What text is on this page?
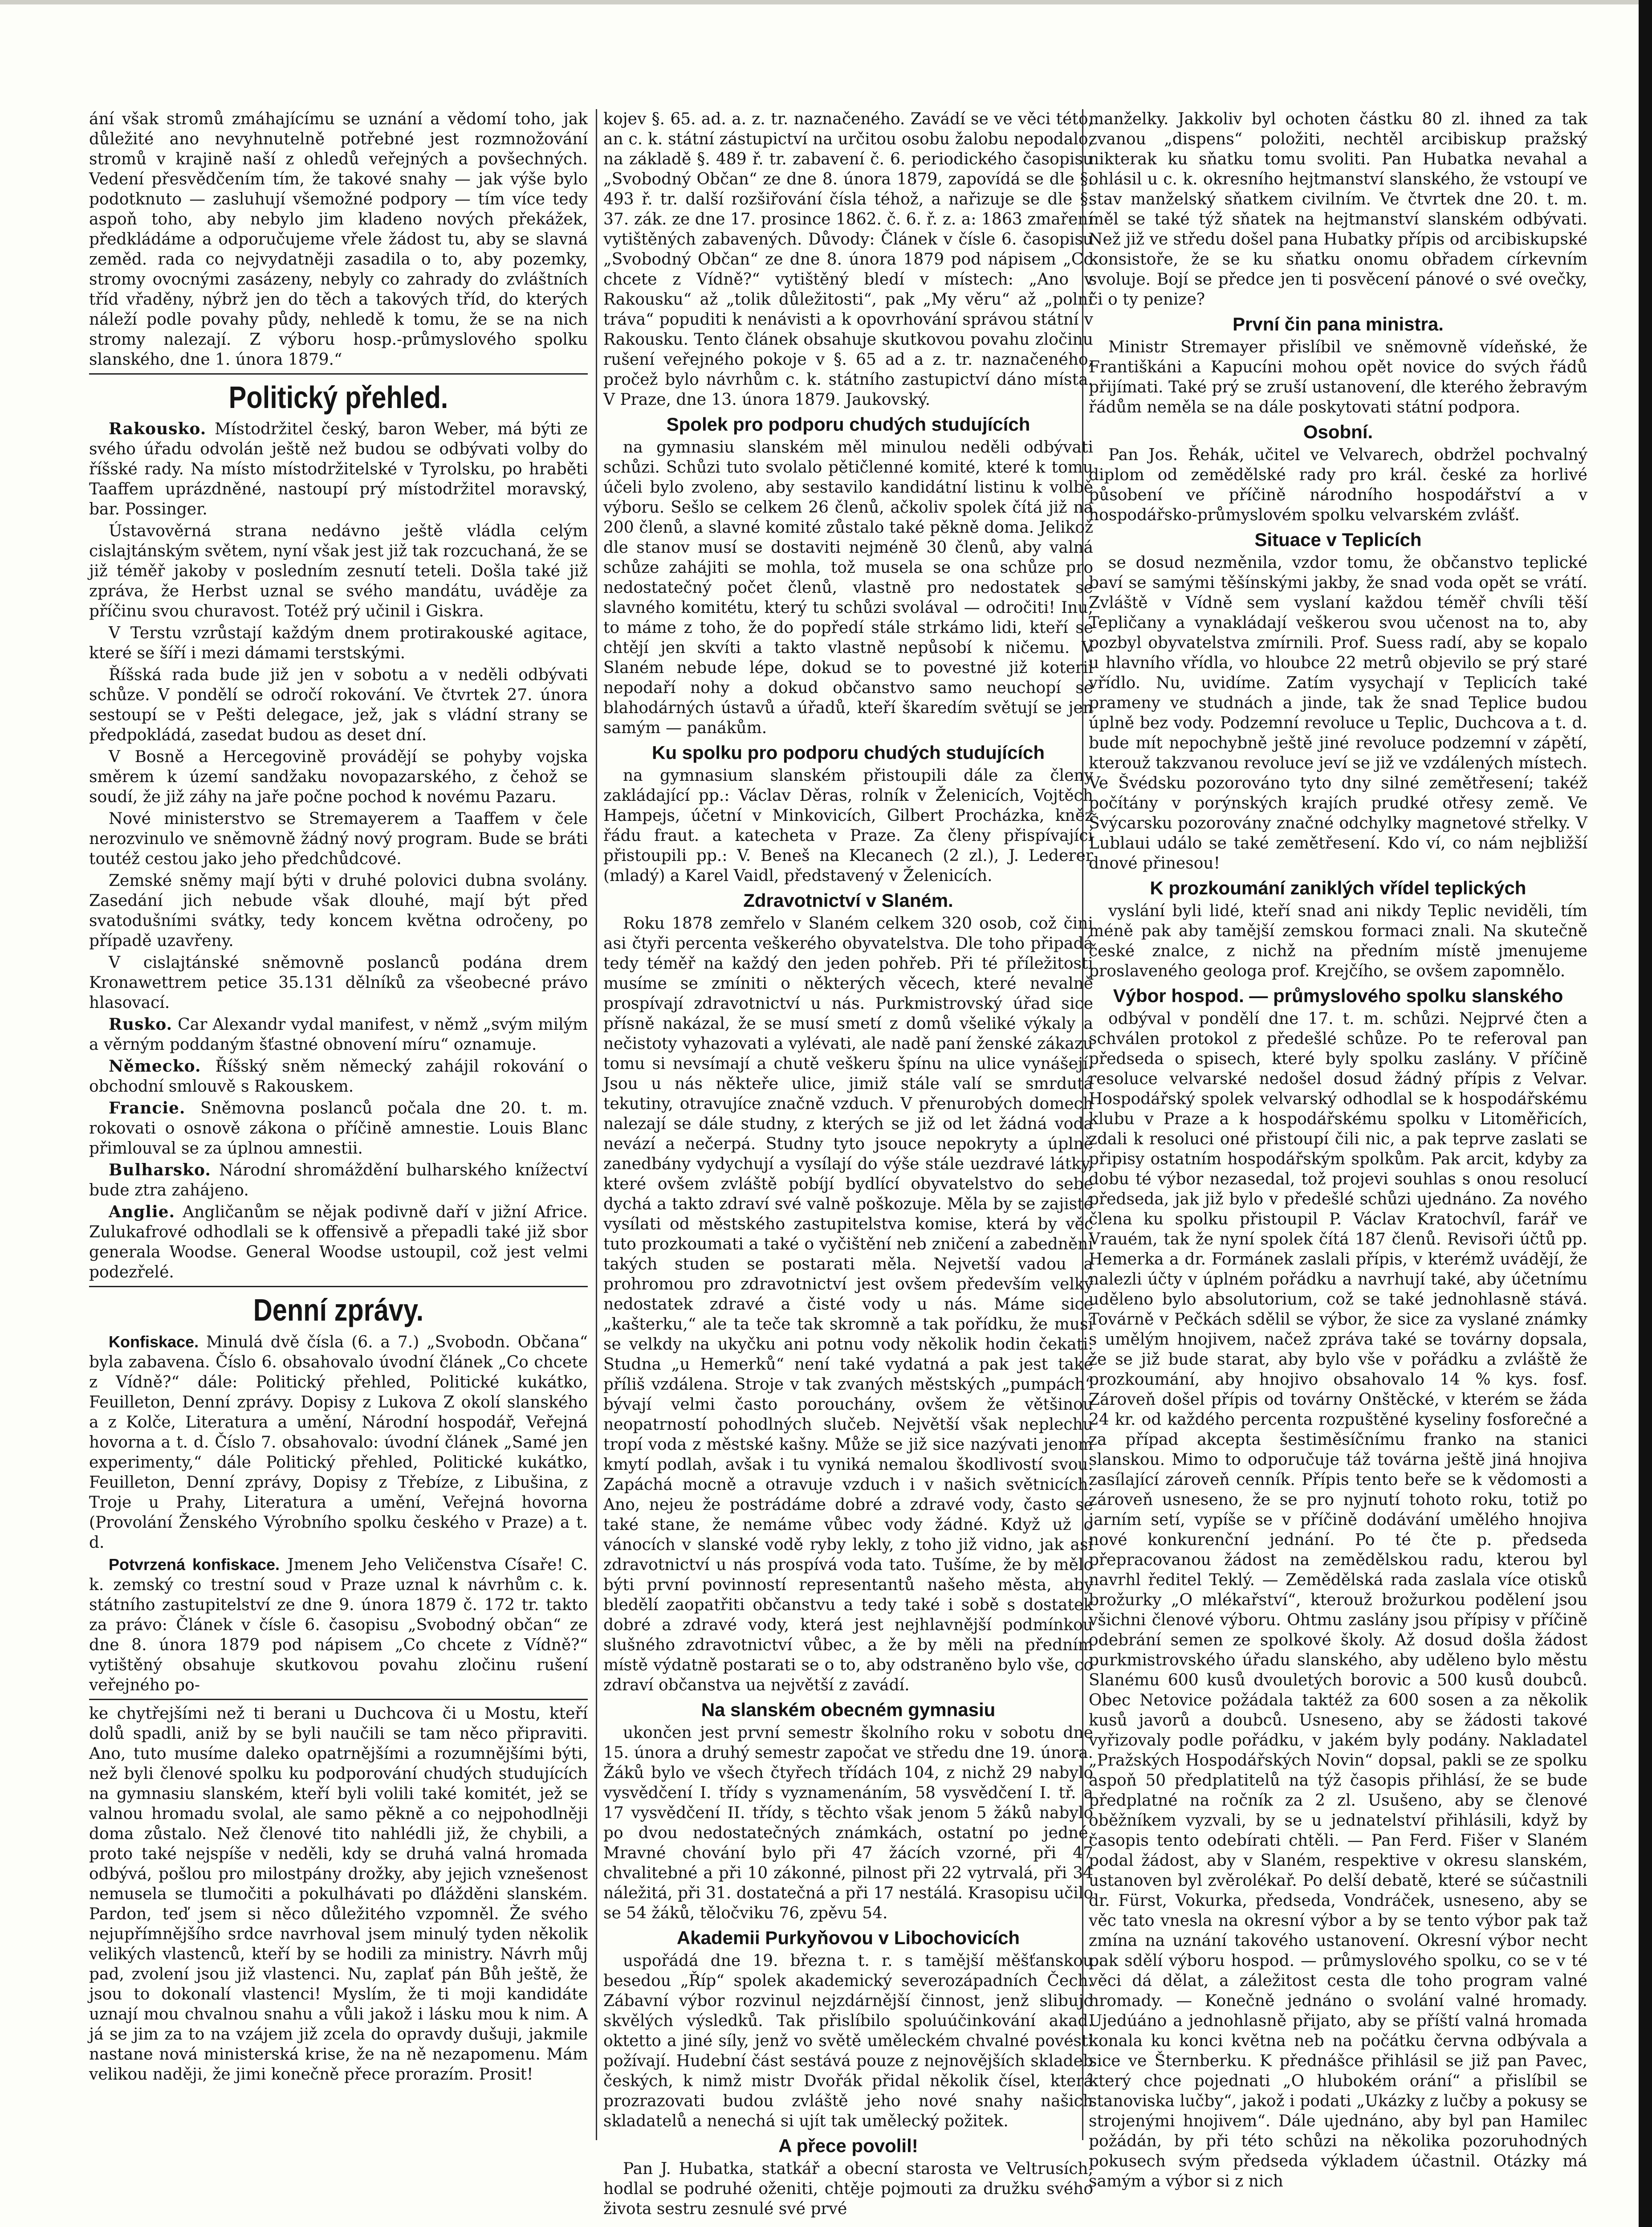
ání však stromů zmáhajícímu se uznání a vědomí toho, jak důležité ano nevyhnutelně potřebné jest rozmnožování stromů v krajině naší z ohledů veřejných a povšechných. Vedení přesvědčením tím, že takové snahy — jak výše bylo podotknuto — zasluhují všemožné podpory — tím více tedy aspoň toho, aby nebylo jim kladeno nových překážek, předkládáme a odporučujeme vřele žádost tu, aby se slavná zeměd. rada co nejvydatněji zasadila o to, aby pozemky, stromy ovocnými zasázeny, nebyly co zahrady do zvláštních tříd vřaděny, nýbrž jen do těch a takových tříd, do kterých náleží podle povahy půdy, nehledě k tomu, že se na nich stromy nalezají. Z výboru hosp.-průmyslového spolku slanského, dne 1. února 1879.“

Politický přehled.

Rakousko. Místodržitel český, baron Weber, má býti ze svého úřadu odvolán ještě než budou se odbývati volby do říšské rady. Na místo místodržitelské v Tyrolsku, po hraběti Taaffem uprázdněné, nastoupí prý místodržitel moravský, bar. Possinger.

Ústavověrná strana nedávno ještě vládla celým cislajtánským světem, nyní však jest již tak rozcuchaná, že se již téměř jakoby v posledním zesnutí teteli. Došla také již zpráva, že Herbst uznal se svého mandátu, uváděje za příčinu svou churavost. Totéž prý učinil i Giskra.

V Terstu vzrůstají každým dnem protirakouské agitace, které se šíří i mezi dámami terstskými.

Říšská rada bude již jen v sobotu a v neděli odbývati schůze. V pondělí se odročí rokování. Ve čtvrtek 27. února sestoupí se v Pešti delegace, jež, jak s vládní strany se předpokládá, zasedat budou as deset dní.

V Bosně a Hercegovině provádějí se pohyby vojska směrem k území sandžaku novopazarského, z čehož se soudí, že již záhy na jaře počne pochod k novému Pazaru.

Nové ministerstvo se Stremayerem a Taaffem v čele nerozvinulo ve sněmovně žádný nový program. Bude se bráti toutéž cestou jako jeho předchůdcové.

Zemské sněmy mají býti v druhé polovici dubna svolány. Zasedání jich nebude však dlouhé, mají být před svatodušními svátky, tedy koncem května odročeny, po případě uzavřeny.

V cislajtánské sněmovně poslanců podána drem Kronawettrem petice 35.131 dělníků za všeobecné právo hlasovací.

Rusko. Car Alexandr vydal manifest, v němž „svým milým a věrným poddaným šťastné obnovení míru“ oznamuje.

Německo. Říšský sněm německý zahájil rokování o obchodní smlouvě s Rakouskem.

Francie. Sněmovna poslanců počala dne 20. t. m. rokovati o osnově zákona o příčině amnestie. Louis Blanc přimlouval se za úplnou amnestii.

Bulharsko. Národní shromáždění bulharského knížectví bude ztra zahájeno.

Anglie. Angličanům se nějak podivně daří v jižní Africe. Zulukafrové odhodlali se k offensivě a přepadli také již sbor generala Woodse. General Woodse ustoupil, což jest velmi podezřelé.

Denní zprávy.

Konfiskace. Minulá dvě čísla (6. a 7.) „Svobodn. Občana“ byla zabavena. Číslo 6. obsahovalo úvodní článek „Co chcete z Vídně?“ dále: Politický přehled, Politické kukátko, Feuilleton, Denní zprávy. Dopisy z Lukova Z okolí slanského a z Kolče, Literatura a umění, Národní hospodář, Veřejná hovorna a t. d. Číslo 7. obsahovalo: úvodní článek „Samé jen experimenty,“ dále Politický přehled, Politické kukátko, Feuilleton, Denní zprávy, Dopisy z Třebíze, z Libušina, z Troje u Prahy, Literatura a umění, Veřejná hovorna (Provolání Ženského Výrobního spolku českého v Praze) a t. d.

Potvrzená konfiskace. Jmenem Jeho Veličenstva Císaře! C. k. zemský co trestní soud v Praze uznal k návrhům c. k. státního zastupitelství ze dne 9. února 1879 č. 172 tr. takto za právo: Článek v čísle 6. časopisu „Svobodný občan“ ze dne 8. února 1879 pod nápisem „Co chcete z Vídně?“ vytištěný obsahuje skutkovou povahu zločinu rušení veřejného po-

ke chytřejšími než ti berani u Duchcova či u Mostu, kteří dolů spadli, aniž by se byli naučili se tam něco připraviti. Ano, tuto musíme daleko opatrnějšími a rozumnějšími býti, než byli členové spolku ku podporování chudých studujících na gymnasiu slanském, kteří byli volili také komitét, jež se valnou hromadu svolal, ale samo pěkně a co nejpohodlněji doma zůstalo. Než členové tito nahlédli již, že chybili, a proto také nejspíše v neděli, kdy se druhá valná hromada odbývá, pošlou pro milostpány drožky, aby jejich vznešenost nemusela se tlumočiti a pokulhávati po ďlážděni slanském. Pardon, teď jsem si něco důležitého vzpomněl. Že svého nejupřímnějšího srdce navrhoval jsem minulý tyden několik velikých vlastenců, kteří by se hodili za ministry. Návrh můj pad, zvolení jsou již vlastenci. Nu, zaplať pán Bůh ještě, že jsou to dokonalí vlastenci! Myslím, že ti moji kandidáte uznají mou chvalnou snahu a vůli jakož i lásku mou k nim. A já se jim za to na vzájem již zcela do opravdy dušuji, jakmile nastane nová ministerská krise, že na ně nezapomenu. Mám velikou naději, že jimi konečně přece prorazím. Prosit!

kojev §. 65. ad. a. z. tr. naznačeného. Zavádí se ve věci této, an c. k. státní zástupictví na určitou osobu žalobu nepodalo, na základě §. 489 ř. tr. zabavení č. 6. periodického časopisu „Svobodný Občan“ ze dne 8. února 1879, zapovídá se dle §. 493 ř. tr. další rozšiřování čísla téhož, a nařizuje se dle §. 37. zák. ze dne 17. prosince 1862. č. 6. ř. z. a: 1863 zmaření vytištěných zabavených. Důvody: Článek v čísle 6. časopisu „Svobodný Občan“ ze dne 8. února 1879 pod nápisem „Co chcete z Vídně?“ vytištěný bledí v místech: „Ano v Rakousku“ až „tolik důležitosti“, pak „My věru“ až „polní tráva“ popuditi k nenávisti a k opovrhování správou státní v Rakousku. Tento článek obsahuje skutkovou povahu zločinu rušení veřejného pokoje v §. 65 ad a z. tr. naznačeného, pročež bylo návrhům c. k. státního zastupictví dáno místa. V Praze, dne 13. února 1879. Jaukovský.

Spolek pro podporu chudých studujících

na gymnasiu slanském měl minulou neděli odbývati schůzi. Schůzi tuto svolalo pětičlenné komité, které k tomu účeli bylo zvoleno, aby sestavilo kandidátní listinu k volbě výboru. Sešlo se celkem 26 členů, ačkoliv spolek čítá již na 200 členů, a slavné komité zůstalo také pěkně doma. Jelikož dle stanov musí se dostaviti nejméně 30 členů, aby valná schůze zahájiti se mohla, tož musela se ona schůze pro nedostatečný počet členů, vlastně pro nedostatek se slavného komitétu, který tu schůzi svolával — odročiti! Inu, to máme z toho, že do popředí stále strkámo lidi, kteří se chtějí jen skvíti a takto vlastně nepůsobí k ničemu. V Slaném nebude lépe, dokud se to povestné již koterii nepodaří nohy a dokud občanstvo samo neuchopí se blahodárných ústavů a úřadů, kteří škaredím světují se jen samým — panákům.

Ku spolku pro podporu chudých studujících

na gymnasium slanském přistoupili dále za členy zakládající pp.: Václav Děras, rolník v Želenicích, Vojtěch Hampejs, účetní v Minkovicích, Gilbert Procházka, kněz řádu fraut. a katecheta v Praze. Za členy přispívající přistoupili pp.: V. Beneš na Klecanech (2 zl.), J. Lederer (mladý) a Karel Vaidl, představený v Želenicích.

Zdravotnictví v Slaném.

Roku 1878 zemřelo v Slaném celkem 320 osob, což čini asi čtyři percenta veškerého obyvatelstva. Dle toho připadá tedy téměř na každý den jeden pohřeb. Při té příležitosti musíme se zmíniti o některých věcech, které nevalně prospívají zdravotnictví u nás. Purkmistrovský úřad sice přísně nakázal, že se musí smetí z domů všeliké výkaly a nečistoty vyhazovati a vylévati, ale nadě paní ženské zákazu tomu si nevsímají a chutě veškeru špínu na ulice vynášejí. Jsou u nás někteře ulice, jimiž stále valí se smrdutá tekutiny, otravujíce značně vzduch. V přenurobých domech nalezají se dále studny, z kterých se již od let žádná voda nevází a nečerpá. Studny tyto jsouce nepokryty a úplně zanedbány vydychují a vysílají do výše stále uezdravé látky, které ovšem zvláště pobíjí bydlící obyvatelstvo do sebe dychá a takto zdraví své valně poškozuje. Měla by se zajisté vysílati od městského zastupitelstva komise, která by věc tuto prozkoumati a také o vyčištění neb zničení a zabednění takých studen se postarati měla. Nejvetší vadou a prohromou pro zdravotnictví jest ovšem především velký nedostatek zdravé a čisté vody u nás. Máme sice „kašterku,“ ale ta teče tak skromně a tak pořídku, že musí se velkdy na ukyčku ani potnu vody několik hodin čekati. Studna „u Hemerků“ není také vydatná a pak jest také příliš vzdálena. Stroje v tak zvaných městských „pumpách“ bývají velmi často porouchány, ovšem že většinou neopatrností pohodlných slučeb. Největší však neplechu tropí voda z městské kašny. Může se již sice nazývati jenom kmytí podlah, avšak i tu vyniká nemalou škodlivostí svou. Zapáchá mocně a otravuje vzduch i v našich světnicích. Ano, nejeu že postrádáme dobré a zdravé vody, často se také stane, že nemáme vůbec vody žádné. Když už o vánocích v slanské vodě ryby lekly, z toho již vidno, jak asi zdravotnictví u nás prospívá voda tato. Tušíme, že by mělo býti první povinností representantů našeho města, aby bledělí zaopatřiti občanstvu a tedy také i sobě s dostatek dobré a zdravé vody, která jest nejhlavnější podmínkou slušného zdravotnictví vůbec, a že by měli na předním místě výdatně postarati se o to, aby odstraněno bylo vše, co zdraví občanstva ua největší z zavádí.

Na slanském obecném gymnasiu

ukončen jest první semestr školního roku v sobotu dne 15. února a druhý semestr započat ve středu dne 19. února. Žáků bylo ve všech čtyřech třídách 104, z nichž 29 nabylo vysvědčení I. třídy s vyznamenáním, 58 vysvědčení I. tř. a 17 vysvědčení II. třídy, s těchto však jenom 5 žáků nabylo po dvou nedostatečných známkách, ostatní po jedné. Mravné chování bylo při 47 žácích vzorné, při 47 chvalitebné a při 10 zákonné, pilnost při 22 vytrvalá, při 34 náležitá, při 31. dostatečná a při 17 nestálá. Krasopisu učilo se 54 žáků, těločviku 76, zpěvu 54.

Akademii Purkyňovou v Libochovicích

uspořádá dne 19. března t. r. s tamější měšťanskou besedou „Říp“ spolek akademický severozápadních Čech. Zábavní výbor rozvinul nejzdárnější činnost, jenž slibujo skvělých výsledků. Tak přislíbilo spoluúčinkování akad. oktetto a jiné síly, jenž vo světě uměleckém chvalné povésti požívají. Hudební část sestává pouze z nejnovějších skladeb českých, k nimž mistr Dvořák přidal několik čísel, která prozrazovati budou zvláště jeho nové snahy našich skladatelů a nenechá si ujít tak umělecký požitek.

A přece povolil!

Pan J. Hubatka, statkář a obecní starosta ve Veltrusích, hodlal se podruhé oženiti, chtěje pojmouti za družku svého života sestru zesnulé své prvé

manželky. Jakkoliv byl ochoten částku 80 zl. ihned za tak zvanou „dispens“ položiti, nechtěl arcibiskup pražský nikterak ku sňatku tomu svoliti. Pan Hubatka nevahal a ohlásil u c. k. okresního hejtmanství slanského, že vstoupí ve stav manželský sňatkem civilním. Ve čtvrtek dne 20. t. m. měl se také týž sňatek na hejtmanství slanském odbývati. Než již ve středu došel pana Hubatky přípis od arcibiskupské konsistoře, že se ku sňatku onomu obřadem církevním svoluje. Bojí se předce jen ti posvěcení pánové o své ovečky, či o ty penize?

První čin pana ministra.

Ministr Stremayer přislíbil ve sněmovně vídeňské, že Františkáni a Kapucíni mohou opět novice do svých řádů přijímati. Také prý se zruší ustanovení, dle kterého žebravým řádům neměla se na dále poskytovati státní podpora.

Osobní.

Pan Jos. Řehák, učitel ve Velvarech, obdržel pochvalný diplom od zemědělské rady pro král. české za horlivé působení ve příčině národního hospodářství a v hospodářsko-průmyslovém spolku velvarském zvlášť.

Situace v Teplicích

se dosud nezměnila, vzdor tomu, že občanstvo teplické baví se samými těšínskými jakby, že snad voda opět se vrátí. Zvláště v Vídně sem vyslaní každou téměř chvíli těší Tepličany a vynakládají veškerou svou učenost na to, aby pozbyl obyvatelstva zmírnili. Prof. Suess radí, aby se kopalo u hlavního vřídla, vo hloubce 22 metrů objevilo se prý staré vřídlo. Nu, uvidíme. Zatím vysychají v Teplicích také prameny ve studnách a jinde, tak že snad Teplice budou úplně bez vody. Podzemní revoluce u Teplic, Duchcova a t. d. bude mít nepochybně ještě jiné revoluce podzemní v zápětí, kterouž takzvanou revoluce jeví se již ve vzdálených místech. Ve Švédsku pozorováno tyto dny silné zemětřesení; takéž počítány v porýnských krajích prudké otřesy země. Ve Švýcarsku pozorovány značné odchylky magnetové střelky. V Lublaui událo se také zemětřesení. Kdo ví, co nám nejbližší dnové přinesou!

K prozkoumání zaniklých vřídel teplických

vyslání byli lidé, kteří snad ani nikdy Teplic neviděli, tím méně pak aby tamější zemskou formaci znali. Na skutečně české znalce, z nichž na předním místě jmenujeme proslaveného geologa prof. Krejčího, se ovšem zapomnělo.

Výbor hospod. — průmyslového spolku slanského

odbýval v pondělí dne 17. t. m. schůzi. Nejprvé čten a schválen protokol z předešlé schůze. Po te referoval pan předseda o spisech, které byly spolku zaslány. V příčině resoluce velvarské nedošel dosud žádný přípis z Velvar. Hospodářský spolek velvarský odhodlal se k hospodářskému klubu v Praze a k hospodářskému spolku v Litoměřicích, zdali k resoluci oné přistoupí čili nic, a pak teprve zaslati se připisy ostatním hospodářským spolkům. Pak arcit, kdyby za dobu té výbor nezasedal, tož projevi souhlas s onou resolucí předseda, jak již bylo v předešlé schůzi ujednáno. Za nového člena ku spolku přistoupil P. Václav Kratochvíl, farář ve Vrauém, tak že nyní spolek čítá 187 členů. Revisoři účtů pp. Hemerka a dr. Formánek zaslali přípis, v kterémž uvádějí, že nalezli účty v úplném pořádku a navrhují také, aby účetnímu uděleno bylo absolutorium, což se také jednohlasně stává. Továrně v Pečkách sdělil se výbor, že sice za vyslané známky s umělým hnojivem, načež zpráva také se továrny dopsala, že se již bude starat, aby bylo vše v pořádku a zvláště že prozkoumání, aby hnojivo obsahovalo 14 % kys. fosf. Zároveň došel přípis od továrny Onštěcké, v kterém se žáda 24 kr. od každého percenta rozpuštěné kyseliny fosforečné a za případ akcepta šestiměsíčnímu franko na stanici slanskou. Mimo to odporučuje táž továrna ještě jiná hnojiva zasílající zároveň cenník. Přípis tento beře se k vědomosti a zároveň usneseno, že se pro nyjnutí tohoto roku, totiž po jarním setí, vypíše se v příčině dodávání umělého hnojiva nové konkurenční jednání. Po té čte p. předseda přepracovanou žádost na zemědělskou radu, kterou byl navrhl ředitel Teklý. — Zemědělská rada zaslala více otisků brožurky „O mlékařství“, kterouž brožurkou podělení jsou všichni členové výboru. Ohtmu zaslány jsou přípisy v příčině odebrání semen ze spolkové školy. Až dosud došla žádost purkmistrovského úřadu slanského, aby uděleno bylo městu Slanému 600 kusů dvouletých borovic a 500 kusů doubců. Obec Netovice požádala taktéž za 600 sosen a za několik kusů javorů a doubců. Usneseno, aby se žádosti takové vyřizovaly podle pořádku, v jakém byly podány. Nakladatel „Pražských Hospodářských Novin“ dopsal, pakli se ze spolku aspoň 50 předplatitelů na týž časopis přihlásí, že se bude předplatné na ročník za 2 zl. Usušeno, aby se členové oběžníkem vyzvali, by se u jednatelství přihlásili, když by časopis tento odebírati chtěli. — Pan Ferd. Fišer v Slaném podal žádost, aby v Slaném, respektive v okresu slanském, ustanoven byl zvěrolékař. Po delší debatě, které se súčastnili dr. Fürst, Vokurka, předseda, Vondráček, usneseno, aby se věc tato vnesla na okresní výbor a by se tento výbor pak taž zmína na uznání takového ustanovení. Okresní výbor necht pak sdělí výboru hospod. — průmyslového spolku, co se v té věci dá dělat, a záležitost cesta dle toho program valné hromady. — Konečně jednáno o svolání valné hromady. Ujedúáno a jednohlasně přijato, aby se příští valná hromada konala ku konci května neb na počátku června odbývala a sice ve Šternberku. K přednášce přihlásil se již pan Pavec, který chce pojednati „O hlubokém orání“ a přislíbil se stanoviska lučby“, jakož i podati „Ukázky z lučby a pokusy se strojenými hnojivem“. Dále ujednáno, aby byl pan Hamilec požádán, by při této schůzi na několika pozoruhodných pokusech svým předseda výkladem účastnil. Otázky má samým a výbor si z nich
